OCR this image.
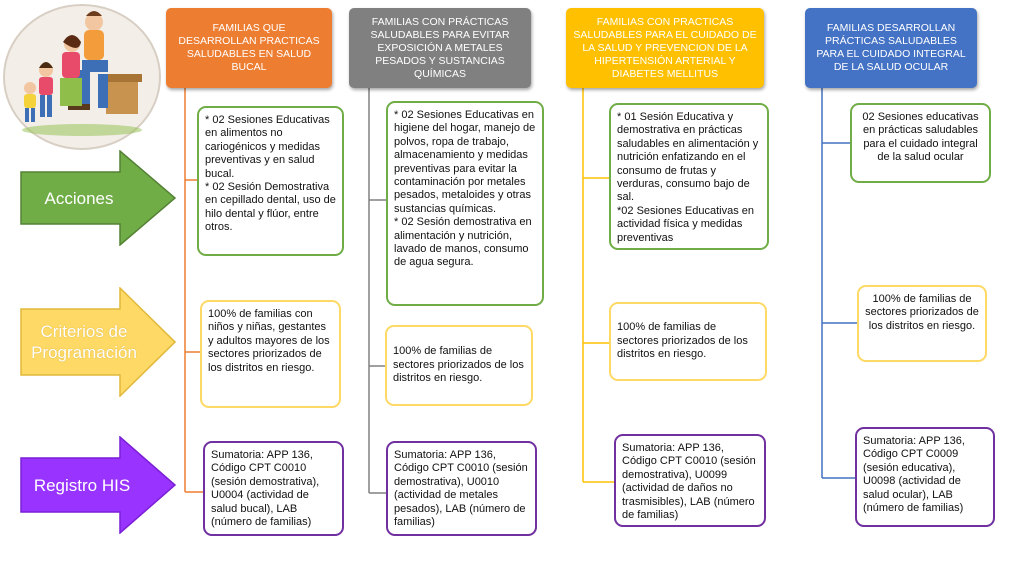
FAMILIAS QUE DESARROLLAN PRACTICAS SALUDABLES EN SALUD BUCAL
FAMILIAS CON PRÁCTICAS SALUDABLES PARA EVITAR EXPOSICIÓN A METALES PESADOS Y SUSTANCIAS QUÍMICAS
FAMILIAS CON PRACTICAS SALUDABLES PARA EL CUIDADO DE LA SALUD Y PREVENCION DE LA HIPERTENSIÓN ARTERIAL Y DIABETES MELLITUS
FAMILIAS DESARROLLAN PRÁCTICAS SALUDABLES PARA EL CUIDADO INTEGRAL DE LA SALUD OCULAR
Acciones
Criterios de Programación
Registro HIS
* 02 Sesiones Educativas en alimentos no cariogénicos y medidas preventivas y en salud bucal.
* 02 Sesión Demostrativa en cepillado dental, uso de hilo dental y flúor, entre otros.
* 02 Sesiones Educativas en higiene del hogar, manejo de polvos, ropa de trabajo, almacenamiento y medidas preventivas para evitar la contaminación por metales pesados, metaloides y otras sustancias químicas.
* 02 Sesión demostrativa en alimentación y nutrición, lavado de manos, consumo de agua segura.
* 01 Sesión Educativa y demostrativa en prácticas saludables en alimentación y nutrición enfatizando en el consumo de frutas y verduras, consumo bajo de sal.
*02 Sesiones Educativas en actividad física y medidas preventivas
02 Sesiones educativas en prácticas saludables para el cuidado integral de la salud ocular
100% de familias con niños y niñas, gestantes y adultos mayores de los sectores priorizados de los distritos en riesgo.
100% de familias de sectores priorizados de los distritos en riesgo.
100% de familias de sectores priorizados de los distritos en riesgo.
100% de familias de sectores priorizados de los distritos en riesgo.
Sumatoria: APP 136, Código CPT C0010 (sesión demostrativa), U0004 (actividad de salud bucal), LAB (número de familias)
Sumatoria: APP 136, Código CPT C0010 (sesión demostrativa), U0010 (actividad de metales pesados), LAB (número de familias)
Sumatoria: APP 136, Código CPT C0010 (sesión demostrativa), U0099 (actividad de daños no trasmisibles), LAB (número de familias)
Sumatoria: APP 136, Código CPT C0009 (sesión educativa), U0098 (actividad de salud ocular), LAB (número de familias)
